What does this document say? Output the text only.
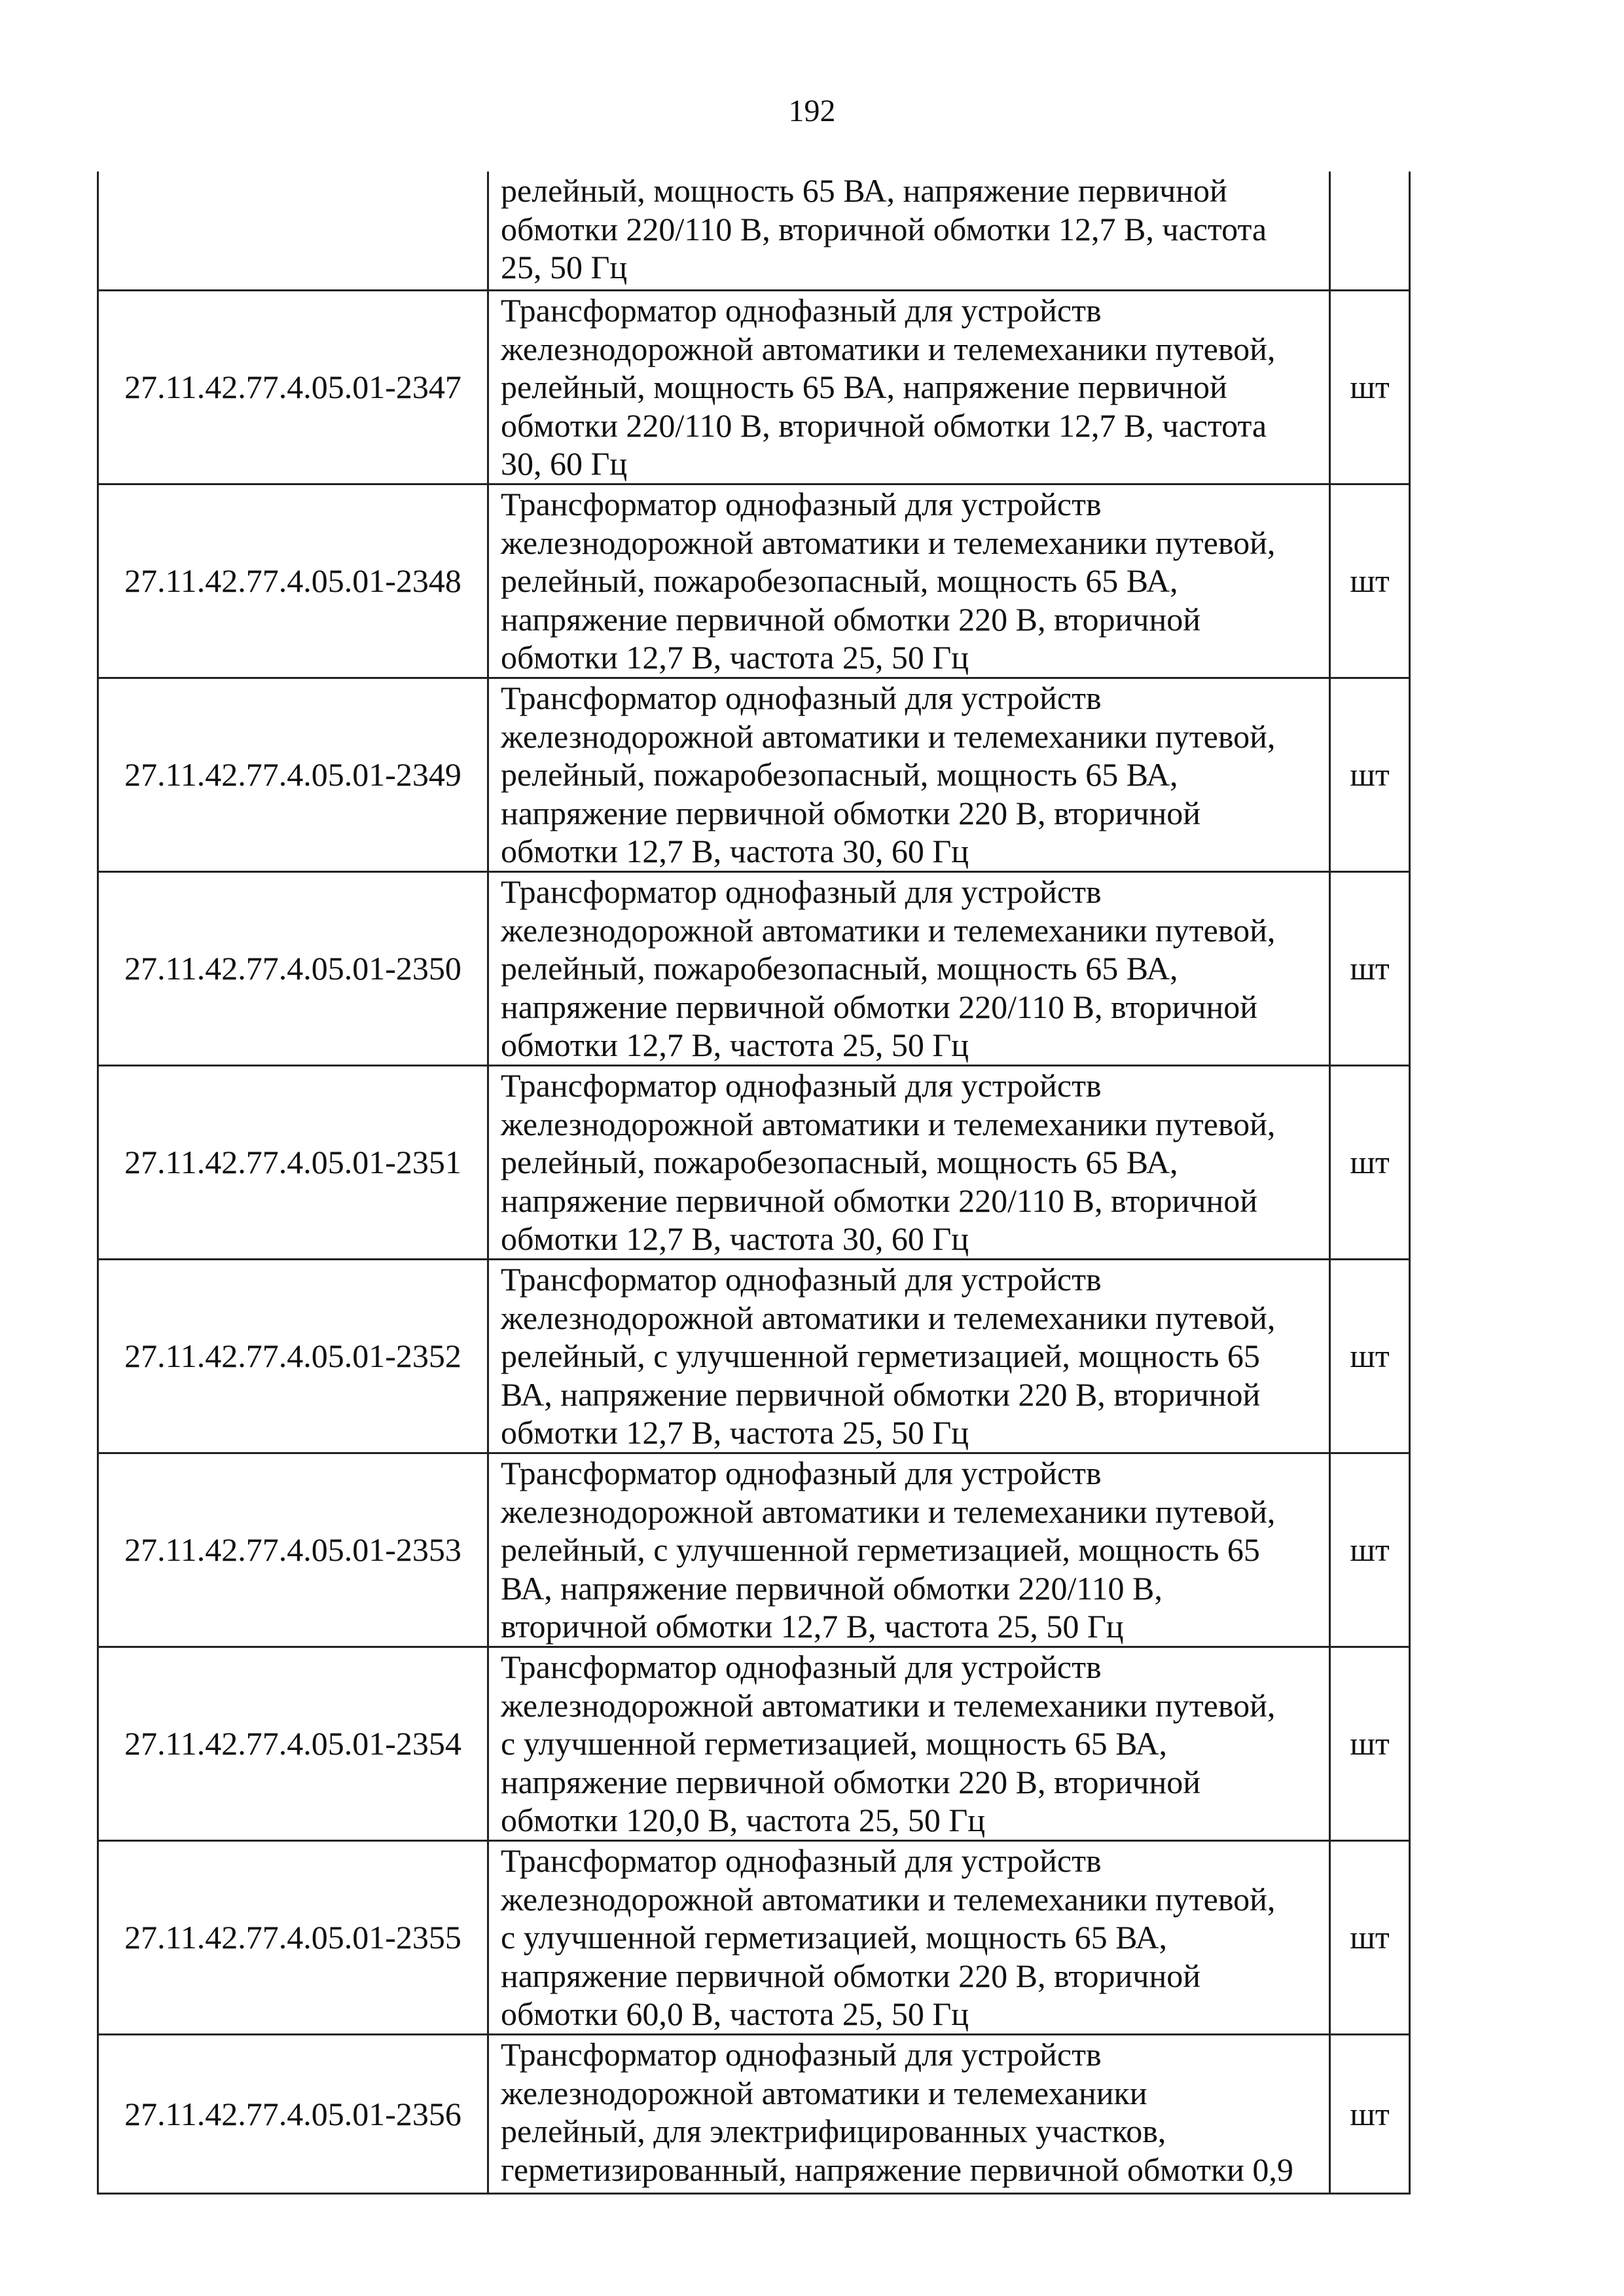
192
	релейный, мощность 65 ВА, напряжение первичной
обмотки 220/110 В, вторичной обмотки 12,7 В, частота
25, 50 Гц	
27.11.42.77.4.05.01-2347	Трансформатор однофазный для устройств
железнодорожной автоматики и телемеханики путевой,
релейный, мощность 65 ВА, напряжение первичной
обмотки 220/110 В, вторичной обмотки 12,7 В, частота
30, 60 Гц	шт
27.11.42.77.4.05.01-2348	Трансформатор однофазный для устройств
железнодорожной автоматики и телемеханики путевой,
релейный, пожаробезопасный, мощность 65 ВА,
напряжение первичной обмотки 220 В, вторичной
обмотки 12,7 В, частота 25, 50 Гц	шт
27.11.42.77.4.05.01-2349	Трансформатор однофазный для устройств
железнодорожной автоматики и телемеханики путевой,
релейный, пожаробезопасный, мощность 65 ВА,
напряжение первичной обмотки 220 В, вторичной
обмотки 12,7 В, частота 30, 60 Гц	шт
27.11.42.77.4.05.01-2350	Трансформатор однофазный для устройств
железнодорожной автоматики и телемеханики путевой,
релейный, пожаробезопасный, мощность 65 ВА,
напряжение первичной обмотки 220/110 В, вторичной
обмотки 12,7 В, частота 25, 50 Гц	шт
27.11.42.77.4.05.01-2351	Трансформатор однофазный для устройств
железнодорожной автоматики и телемеханики путевой,
релейный, пожаробезопасный, мощность 65 ВА,
напряжение первичной обмотки 220/110 В, вторичной
обмотки 12,7 В, частота 30, 60 Гц	шт
27.11.42.77.4.05.01-2352	Трансформатор однофазный для устройств
железнодорожной автоматики и телемеханики путевой,
релейный, с улучшенной герметизацией, мощность 65
ВА, напряжение первичной обмотки 220 В, вторичной
обмотки 12,7 В, частота 25, 50 Гц	шт
27.11.42.77.4.05.01-2353	Трансформатор однофазный для устройств
железнодорожной автоматики и телемеханики путевой,
релейный, с улучшенной герметизацией, мощность 65
ВА, напряжение первичной обмотки 220/110 В,
вторичной обмотки 12,7 В, частота 25, 50 Гц	шт
27.11.42.77.4.05.01-2354	Трансформатор однофазный для устройств
железнодорожной автоматики и телемеханики путевой,
с улучшенной герметизацией, мощность 65 ВА,
напряжение первичной обмотки 220 В, вторичной
обмотки 120,0 В, частота 25, 50 Гц	шт
27.11.42.77.4.05.01-2355	Трансформатор однофазный для устройств
железнодорожной автоматики и телемеханики путевой,
с улучшенной герметизацией, мощность 65 ВА,
напряжение первичной обмотки 220 В, вторичной
обмотки 60,0 В, частота 25, 50 Гц	шт
27.11.42.77.4.05.01-2356	Трансформатор однофазный для устройств
железнодорожной автоматики и телемеханики
релейный, для электрифицированных участков,
герметизированный, напряжение первичной обмотки 0,9	шт
